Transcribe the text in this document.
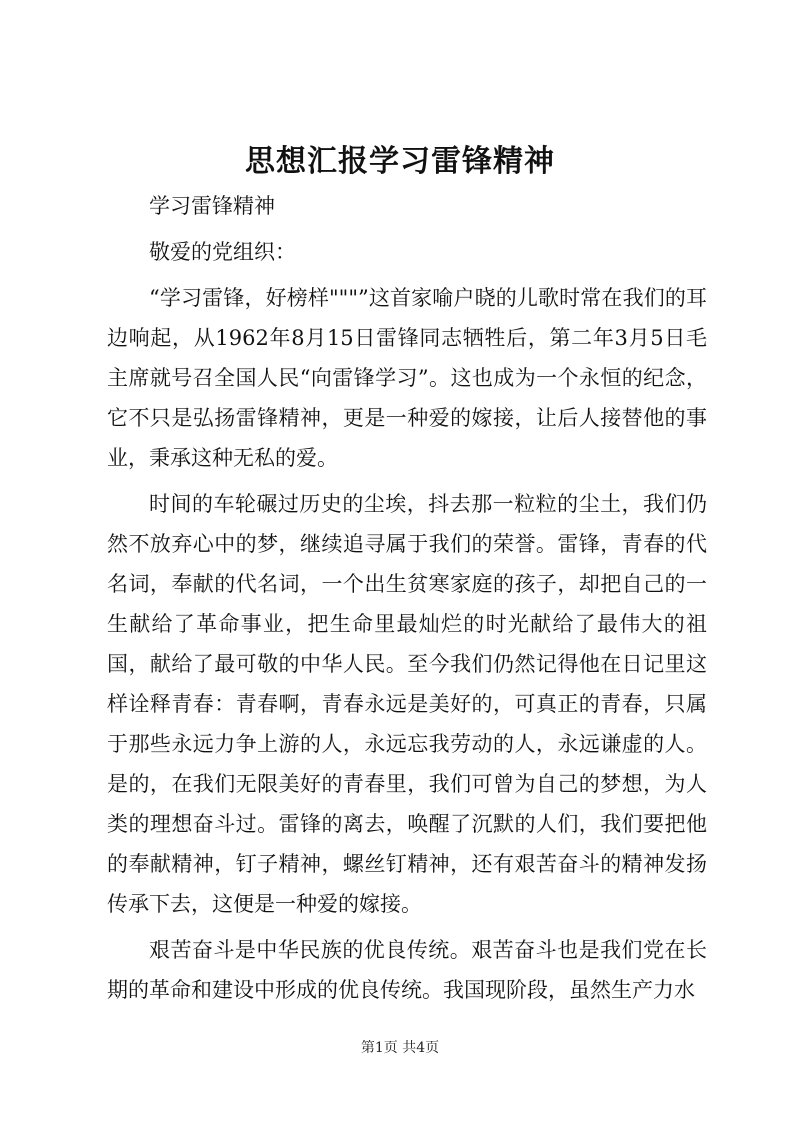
思想汇报学习雷锋精神

学习雷锋精神

敬爱的党组织：

“学习雷锋，好榜样"""”这首家喻户晓的儿歌时常在我们的耳边响起，从1962年8月15日雷锋同志牺牲后，第二年3月5日毛主席就号召全国人民“向雷锋学习”。这也成为一个永恒的纪念，它不只是弘扬雷锋精神，更是一种爱的嫁接，让后人接替他的事业，秉承这种无私的爱。

时间的车轮碾过历史的尘埃，抖去那一粒粒的尘土，我们仍然不放弃心中的梦，继续追寻属于我们的荣誉。雷锋，青春的代名词，奉献的代名词，一个出生贫寒家庭的孩子，却把自己的一生献给了革命事业，把生命里最灿烂的时光献给了最伟大的祖国，献给了最可敬的中华人民。至今我们仍然记得他在日记里这样诠释青春：青春啊，青春永远是美好的，可真正的青春，只属于那些永远力争上游的人，永远忘我劳动的人，永远谦虚的人。是的，在我们无限美好的青春里，我们可曾为自己的梦想，为人类的理想奋斗过。雷锋的离去，唤醒了沉默的人们，我们要把他的奉献精神，钉子精神，螺丝钉精神，还有艰苦奋斗的精神发扬传承下去，这便是一种爱的嫁接。

艰苦奋斗是中华民族的优良传统。艰苦奋斗也是我们党在长期的革命和建设中形成的优良传统。我国现阶段，虽然生产力水

第1页 共4页
